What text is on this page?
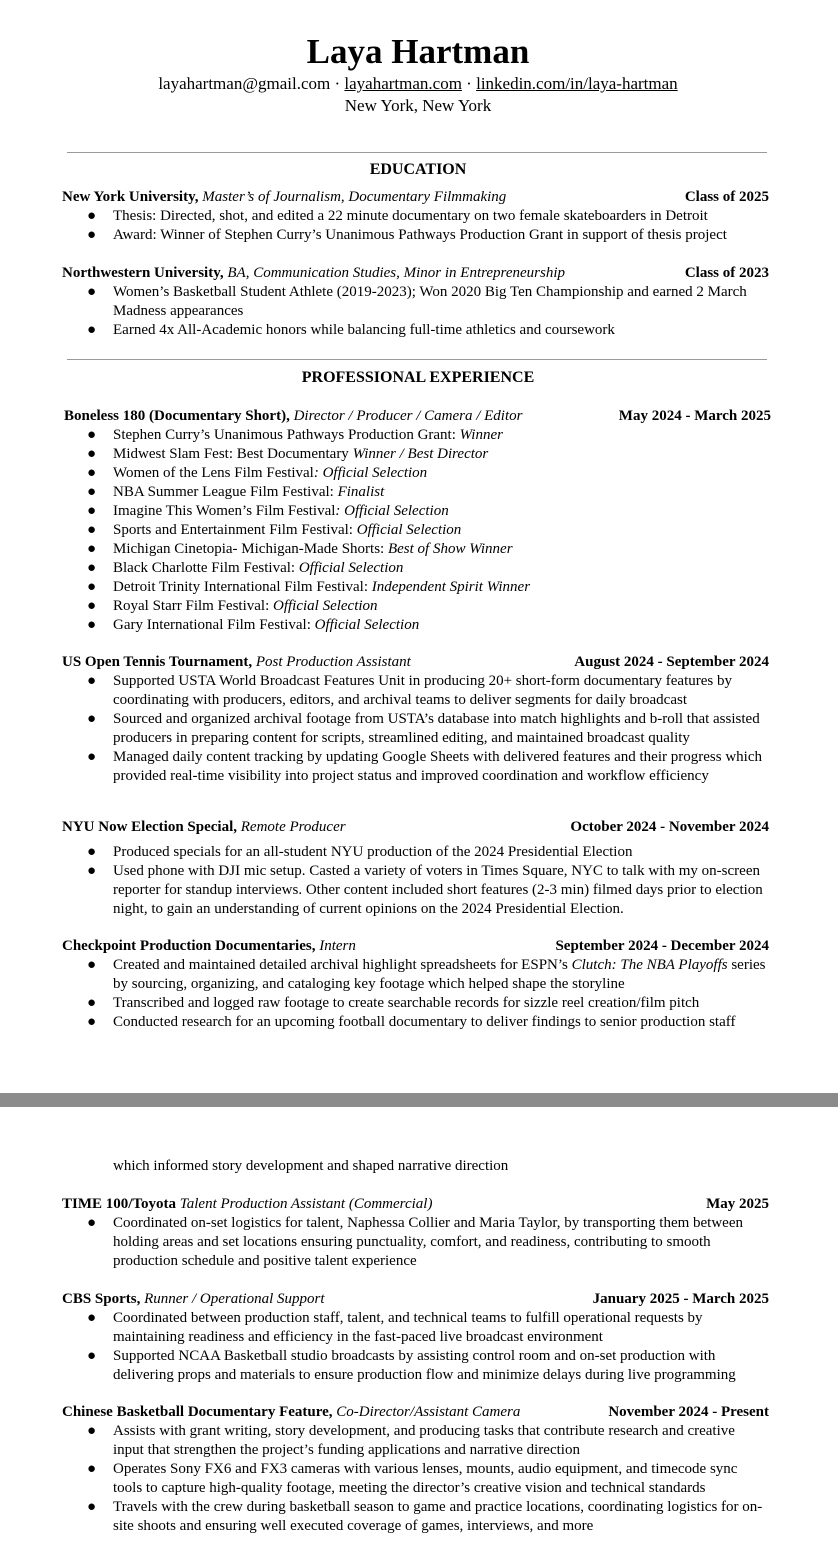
Laya Hartman
layahartman@gmail.com · layahartman.com · linkedin.com/in/laya-hartman
New York, New York
EDUCATION
New York University, Master’s of Journalism, Documentary Filmmaking	Class of 2025
● Thesis: Directed, shot, and edited a 22 minute documentary on two female skateboarders in Detroit
● Award: Winner of Stephen Curry’s Unanimous Pathways Production Grant in support of thesis project
Northwestern University, BA, Communication Studies, Minor in Entrepreneurship	Class of 2023
● Women’s Basketball Student Athlete (2019-2023); Won 2020 Big Ten Championship and earned 2 March Madness appearances
● Earned 4x All-Academic honors while balancing full-time athletics and coursework
PROFESSIONAL EXPERIENCE
Boneless 180 (Documentary Short), Director / Producer / Camera / Editor	May 2024 - March 2025
● Stephen Curry’s Unanimous Pathways Production Grant: Winner
● Midwest Slam Fest: Best Documentary Winner / Best Director
● Women of the Lens Film Festival: Official Selection
● NBA Summer League Film Festival: Finalist
● Imagine This Women’s Film Festival: Official Selection
● Sports and Entertainment Film Festival: Official Selection
● Michigan Cinetopia- Michigan-Made Shorts: Best of Show Winner
● Black Charlotte Film Festival: Official Selection
● Detroit Trinity International Film Festival: Independent Spirit Winner
● Royal Starr Film Festival: Official Selection
● Gary International Film Festival: Official Selection
US Open Tennis Tournament, Post Production Assistant	August 2024 - September 2024
● Supported USTA World Broadcast Features Unit in producing 20+ short-form documentary features by coordinating with producers, editors, and archival teams to deliver segments for daily broadcast
● Sourced and organized archival footage from USTA’s database into match highlights and b-roll that assisted producers in preparing content for scripts, streamlined editing, and maintained broadcast quality
● Managed daily content tracking by updating Google Sheets with delivered features and their progress which provided real-time visibility into project status and improved coordination and workflow efficiency
NYU Now Election Special, Remote Producer	October 2024 - November 2024
● Produced specials for an all-student NYU production of the 2024 Presidential Election
● Used phone with DJI mic setup. Casted a variety of voters in Times Square, NYC to talk with my on-screen reporter for standup interviews. Other content included short features (2-3 min) filmed days prior to election night, to gain an understanding of current opinions on the 2024 Presidential Election.
Checkpoint Production Documentaries, Intern	September 2024 - December 2024
● Created and maintained detailed archival highlight spreadsheets for ESPN’s Clutch: The NBA Playoffs series by sourcing, organizing, and cataloging key footage which helped shape the storyline
● Transcribed and logged raw footage to create searchable records for sizzle reel creation/film pitch
● Conducted research for an upcoming football documentary to deliver findings to senior production staff
which informed story development and shaped narrative direction
TIME 100/Toyota Talent Production Assistant (Commercial)	May 2025
● Coordinated on-set logistics for talent, Naphessa Collier and Maria Taylor, by transporting them between holding areas and set locations ensuring punctuality, comfort, and readiness, contributing to smooth production schedule and positive talent experience
CBS Sports, Runner / Operational Support	January 2025 - March 2025
● Coordinated between production staff, talent, and technical teams to fulfill operational requests by maintaining readiness and efficiency in the fast-paced live broadcast environment
● Supported NCAA Basketball studio broadcasts by assisting control room and on-set production with delivering props and materials to ensure production flow and minimize delays during live programming
Chinese Basketball Documentary Feature, Co-Director/Assistant Camera	November 2024 - Present
● Assists with grant writing, story development, and producing tasks that contribute research and creative input that strengthen the project’s funding applications and narrative direction
● Operates Sony FX6 and FX3 cameras with various lenses, mounts, audio equipment, and timecode sync tools to capture high-quality footage, meeting the director’s creative vision and technical standards
● Travels with the crew during basketball season to game and practice locations, coordinating logistics for on-site shoots and ensuring well executed coverage of games, interviews, and more
